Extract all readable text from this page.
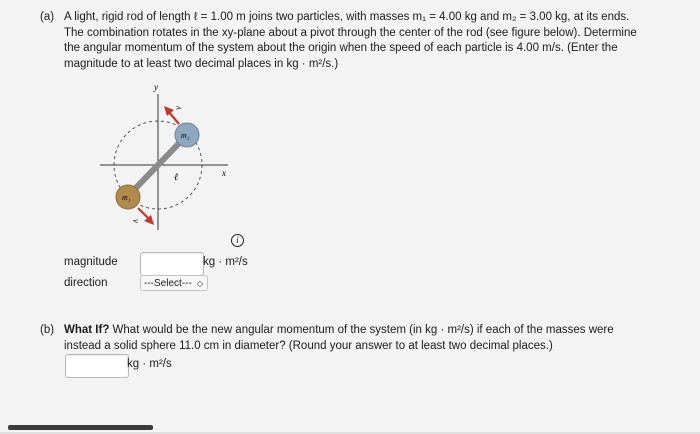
(a) A light, rigid rod of length ℓ = 1.00 m joins two particles, with masses m₁ = 4.00 kg and m₂ = 3.00 kg, at its ends.
The combination rotates in the xy-plane about a pivot through the center of the rod (see figure below). Determine
the angular momentum of the system about the origin when the speed of each particle is 4.00 m/s. (Enter the
magnitude to at least two decimal places in kg · m²/s.)
y
x
m₂
m₁
v⃗
v⃗
ℓ
i
magnitude	kg · m²/s
direction	---Select--- ◇
(b) What If? What would be the new angular momentum of the system (in kg · m²/s) if each of the masses were
instead a solid sphere 11.0 cm in diameter? (Round your answer to at least two decimal places.)
kg · m²/s
